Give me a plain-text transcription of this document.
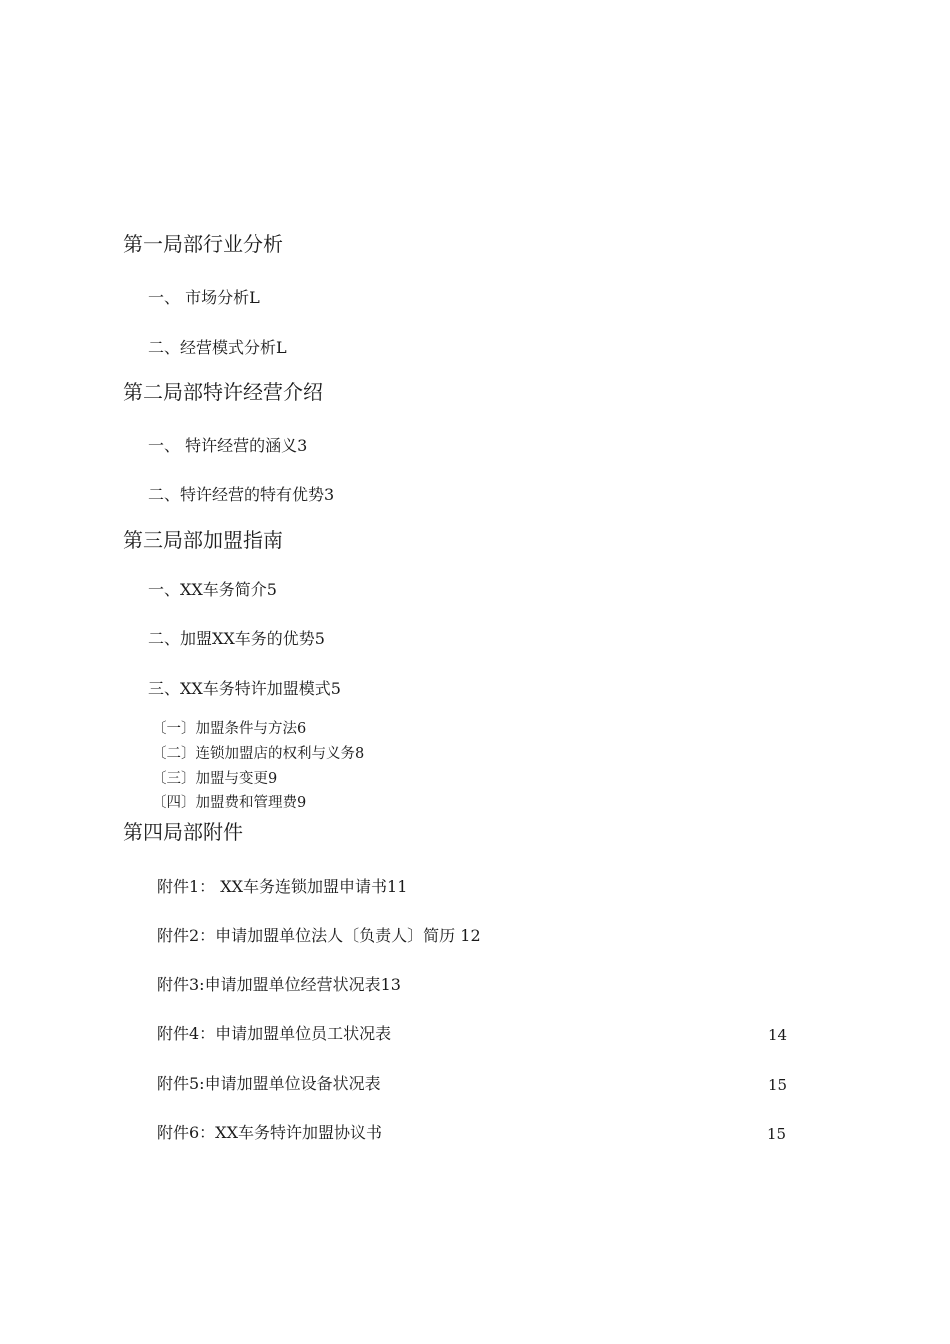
第一局部行业分析
一、 市场分析L
二、经营模式分析L
第二局部特许经营介绍
一、 特许经营的涵义3
二、特许经营的特有优势3
第三局部加盟指南
一、XX车务简介5
二、加盟XX车务的优势5
三、XX车务特许加盟模式5
〔一〕加盟条件与方法6
〔二〕连锁加盟店的权利与义务8
〔三〕加盟与变更9
〔四〕加盟费和管理费9
第四局部附件
附件1： XX车务连锁加盟申请书11
附件2：申请加盟单位法人〔负责人〕简历 12
附件3:申请加盟单位经营状况表13
附件4：申请加盟单位员工状况表	14
附件5:申请加盟单位设备状况表	15
附件6：XX车务特许加盟协议书	15
